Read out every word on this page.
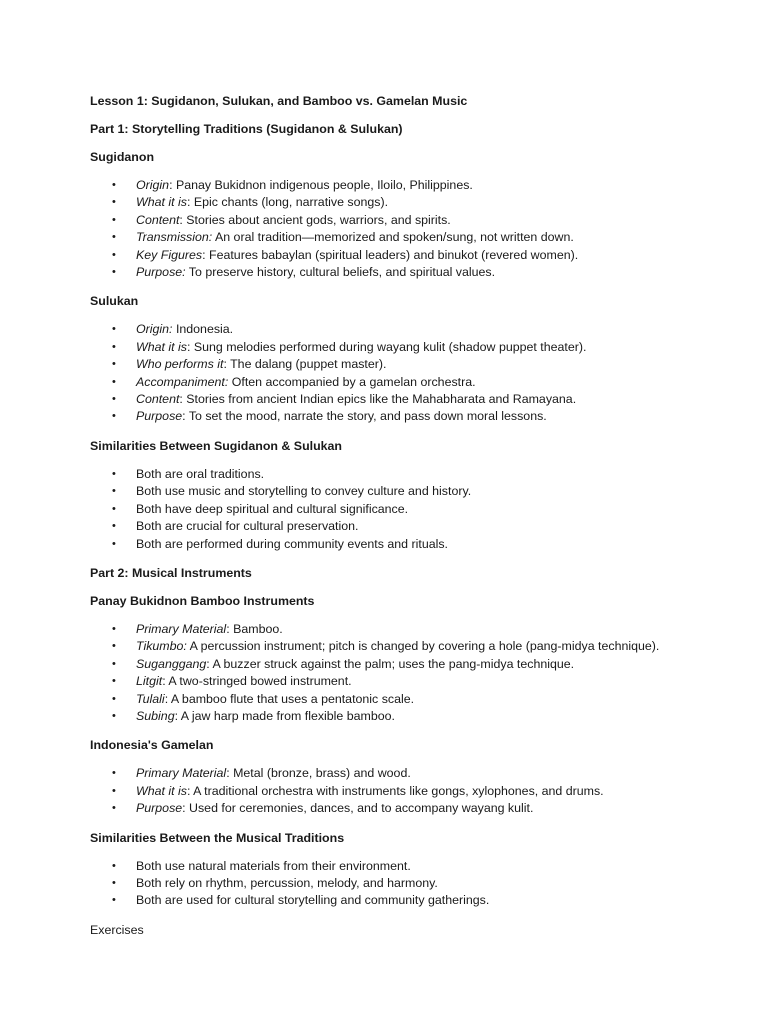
Lesson 1: Sugidanon, Sulukan, and Bamboo vs. Gamelan Music
Part 1: Storytelling Traditions (Sugidanon & Sulukan)
Sugidanon
• Origin: Panay Bukidnon indigenous people, Iloilo, Philippines.
• What it is: Epic chants (long, narrative songs).
• Content: Stories about ancient gods, warriors, and spirits.
• Transmission: An oral tradition—memorized and spoken/sung, not written down.
• Key Figures: Features babaylan (spiritual leaders) and binukot (revered women).
• Purpose: To preserve history, cultural beliefs, and spiritual values.
Sulukan
• Origin: Indonesia.
• What it is: Sung melodies performed during wayang kulit (shadow puppet theater).
• Who performs it: The dalang (puppet master).
• Accompaniment: Often accompanied by a gamelan orchestra.
• Content: Stories from ancient Indian epics like the Mahabharata and Ramayana.
• Purpose: To set the mood, narrate the story, and pass down moral lessons.
Similarities Between Sugidanon & Sulukan
• Both are oral traditions.
• Both use music and storytelling to convey culture and history.
• Both have deep spiritual and cultural significance.
• Both are crucial for cultural preservation.
• Both are performed during community events and rituals.
Part 2: Musical Instruments
Panay Bukidnon Bamboo Instruments
• Primary Material: Bamboo.
• Tikumbo: A percussion instrument; pitch is changed by covering a hole (pang-midya technique).
• Suganggang: A buzzer struck against the palm; uses the pang-midya technique.
• Litgit: A two-stringed bowed instrument.
• Tulali: A bamboo flute that uses a pentatonic scale.
• Subing: A jaw harp made from flexible bamboo.
Indonesia's Gamelan
• Primary Material: Metal (bronze, brass) and wood.
• What it is: A traditional orchestra with instruments like gongs, xylophones, and drums.
• Purpose: Used for ceremonies, dances, and to accompany wayang kulit.
Similarities Between the Musical Traditions
• Both use natural materials from their environment.
• Both rely on rhythm, percussion, melody, and harmony.
• Both are used for cultural storytelling and community gatherings.
Exercises
